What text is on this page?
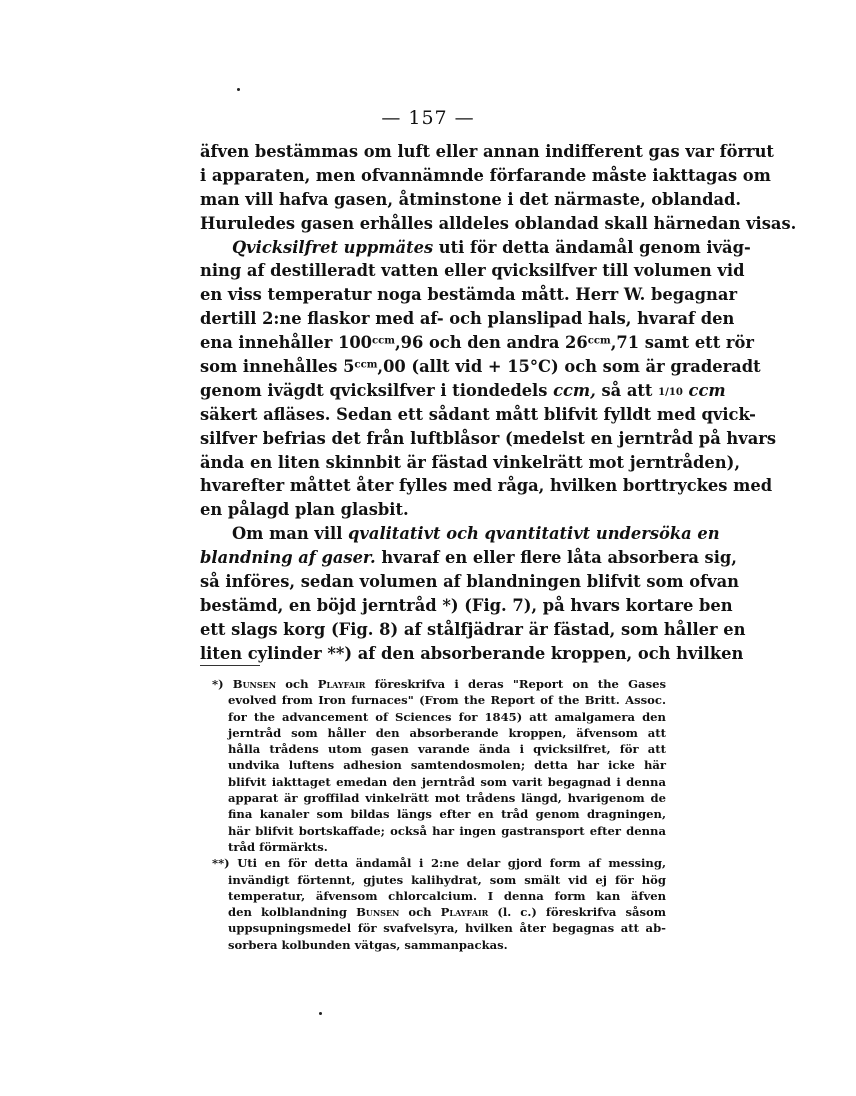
— 157 —
äfven bestämmas om luft eller annan indifferent gas var förrut
i apparaten, men ofvannämnde förfarande måste iakttagas om
man vill hafva gasen, åtminstone i det närmaste, oblandad.
Huruledes gasen erhålles alldeles oblandad skall härnedan visas.
Qvicksilfret uppmätes uti för detta ändamål genom iväg-
ning af destilleradt vatten eller qvicksilfver till volumen vid
en viss temperatur noga bestämda mått. Herr W. begagnar
dertill 2:ne flaskor med af- och planslipad hals, hvaraf den
ena innehåller $100^{ccm},96$ och den andra $26^{ccm},71$ samt ett rör
som innehålles $5^{ccm},00$ (allt vid + 15°C) och som är graderadt
genom ivägdt qvicksilfver i tiondedels ccm, så att 1/10 ccm
säkert afläses. Sedan ett sådant mått blifvit fylldt med qvick-
silfver befrias det från luftblåsor (medelst en jerntråd på hvars
ända en liten skinnbit är fästad vinkelrätt mot jerntråden),
hvarefter måttet åter fylles med råga, hvilken borttryckes med
en pålagd plan glasbit.
Om man vill qvalitativt och qvantitativt undersöka en
blandning af gaser. hvaraf en eller flere låta absorbera sig,
så införes, sedan volumen af blandningen blifvit som ofvan
bestämd, en böjd jerntråd *) (Fig. 7), på hvars kortare ben
ett slags korg (Fig. 8) af stålfjädrar är fästad, som håller en
liten cylinder **) af den absorberande kroppen, och hvilken
*) Bunsen och Playfair föreskrifva i deras "Report on the Gases
evolved from Iron furnaces" (From the Report of the Britt. Assoc.
for the advancement of Sciences for 1845) att amalgamera den
jerntråd som håller den absorberande kroppen, äfvensom att
hålla trådens utom gasen varande ända i qvicksilfret, för att
undvika luftens adhesion samtendosmolen; detta har icke här
blifvit iakttaget emedan den jerntråd som varit begagnad i denna
apparat är groffilad vinkelrätt mot trådens längd, hvarigenom de
fina kanaler som bildas längs efter en tråd genom dragningen,
här blifvit bortskaffade; också har ingen gastransport efter denna
tråd förmärkts.
**) Uti en för detta ändamål i 2:ne delar gjord form af messing,
invändigt förtennt, gjutes kalihydrat, som smält vid ej för hög
temperatur, äfvensom chlorcalcium. I denna form kan äfven
den kolblandning Bunsen och Playfair (l. c.) föreskrifva såsom
uppsupningsmedel för svafvelsyra, hvilken åter begagnas att ab-
sorbera kolbunden vätgas, sammanpackas.
